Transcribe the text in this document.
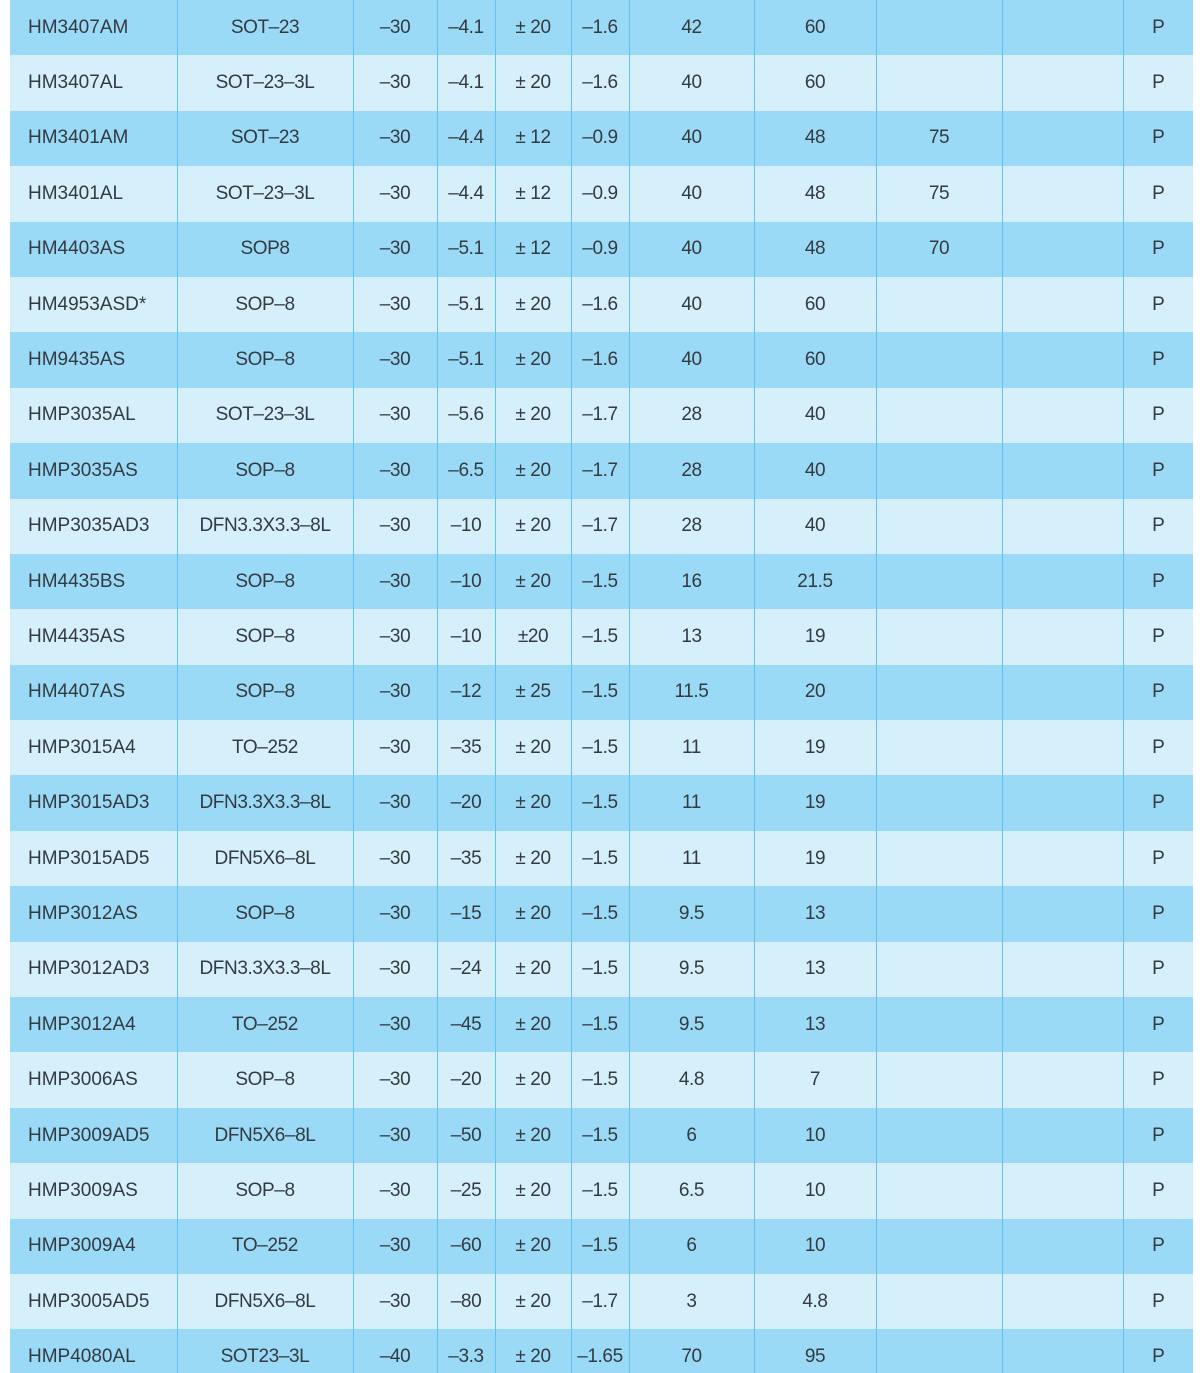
HM3407AM	SOT–23	–30	–4.1	± 20	–1.6	42	60			P
HM3407AL	SOT–23–3L	–30	–4.1	± 20	–1.6	40	60			P
HM3401AM	SOT–23	–30	–4.4	± 12	–0.9	40	48	75		P
HM3401AL	SOT–23–3L	–30	–4.4	± 12	–0.9	40	48	75		P
HM4403AS	SOP8	–30	–5.1	± 12	–0.9	40	48	70		P
HM4953ASD*	SOP–8	–30	–5.1	± 20	–1.6	40	60			P
HM9435AS	SOP–8	–30	–5.1	± 20	–1.6	40	60			P
HMP3035AL	SOT–23–3L	–30	–5.6	± 20	–1.7	28	40			P
HMP3035AS	SOP–8	–30	–6.5	± 20	–1.7	28	40			P
HMP3035AD3	DFN3.3X3.3–8L	–30	–10	± 20	–1.7	28	40			P
HM4435BS	SOP–8	–30	–10	± 20	–1.5	16	21.5			P
HM4435AS	SOP–8	–30	–10	±20	–1.5	13	19			P
HM4407AS	SOP–8	–30	–12	± 25	–1.5	11.5	20			P
HMP3015A4	TO–252	–30	–35	± 20	–1.5	11	19			P
HMP3015AD3	DFN3.3X3.3–8L	–30	–20	± 20	–1.5	11	19			P
HMP3015AD5	DFN5X6–8L	–30	–35	± 20	–1.5	11	19			P
HMP3012AS	SOP–8	–30	–15	± 20	–1.5	9.5	13			P
HMP3012AD3	DFN3.3X3.3–8L	–30	–24	± 20	–1.5	9.5	13			P
HMP3012A4	TO–252	–30	–45	± 20	–1.5	9.5	13			P
HMP3006AS	SOP–8	–30	–20	± 20	–1.5	4.8	7			P
HMP3009AD5	DFN5X6–8L	–30	–50	± 20	–1.5	6	10			P
HMP3009AS	SOP–8	–30	–25	± 20	–1.5	6.5	10			P
HMP3009A4	TO–252	–30	–60	± 20	–1.5	6	10			P
HMP3005AD5	DFN5X6–8L	–30	–80	± 20	–1.7	3	4.8			P
HMP4080AL	SOT23–3L	–40	–3.3	± 20	–1.65	70	95			P
